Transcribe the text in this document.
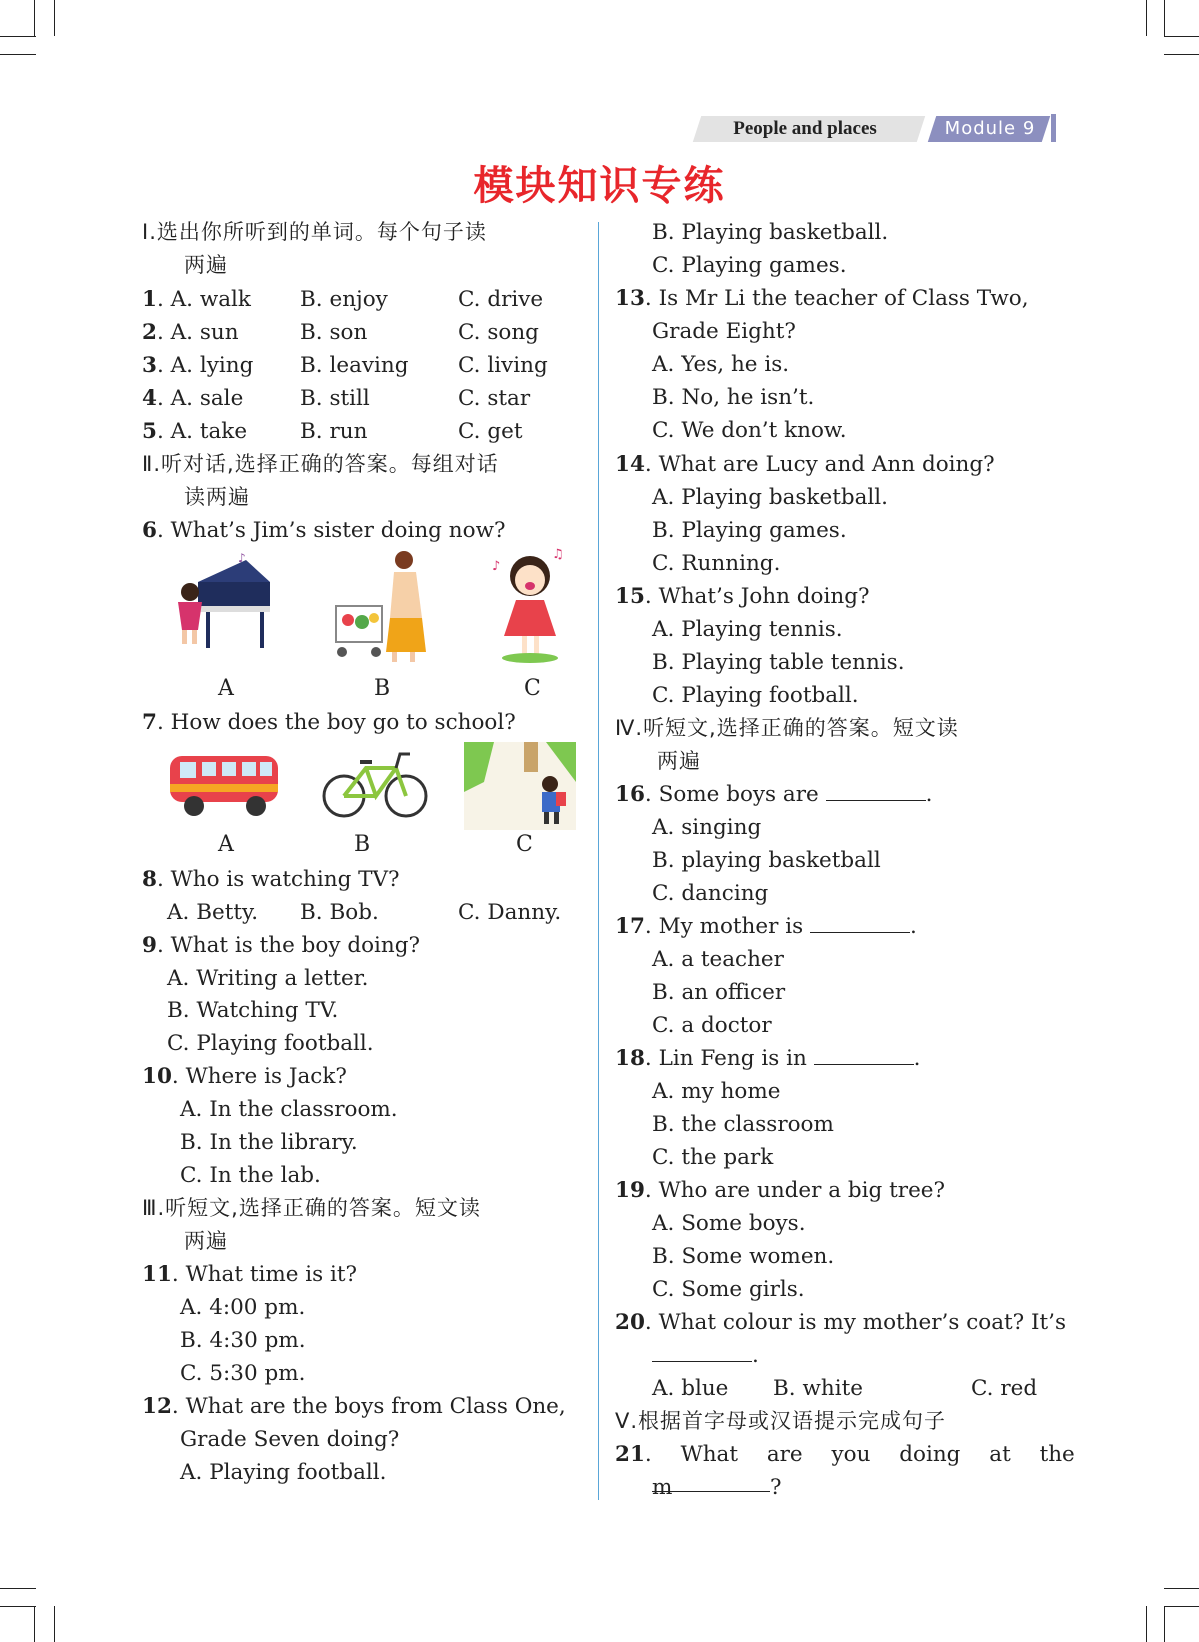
People and places	Module 9
模块知识专练
Ⅰ.选出你所听到的单词。每个句子读
两遍
1. A. walk B. enjoy	C. drive
2. A. sun	B. son	C. song
3. A. lying B. leaving C. living
4. A. sale	B. still	C. star
5. A. take B. run	C. get
Ⅱ.听对话,选择正确的答案。每组对话
读两遍
6. What’s Jim’s sister doing now?
♪
♪
♫
A	B	C
7. How does the boy go to school?
A	B	C
8. Who is watching TV?
A. Betty. B. Bob.	C. Danny.
9. What is the boy doing?
A. Writing a letter.
B. Watching TV.
C. Playing football.
10. Where is Jack?
A. In the classroom.
B. In the library.
C. In the lab.
Ⅲ.听短文,选择正确的答案。短文读
两遍
11. What time is it?
A. 4:00 pm.
B. 4:30 pm.
C. 5:30 pm.
12. What are the boys from Class One,
Grade Seven doing?
A. Playing football.
B. Playing basketball.
C. Playing games.
13. Is Mr Li the teacher of Class Two,
Grade Eight?
A. Yes, he is.
B. No, he isn’t.
C. We don’t know.
14. What are Lucy and Ann doing?
A. Playing basketball.
B. Playing games.
C. Running.
15. What’s John doing?
A. Playing tennis.
B. Playing table tennis.
C. Playing football.
Ⅳ.听短文,选择正确的答案。短文读
两遍
16. Some boys are	.
A. singing
B. playing basketball
C. dancing
17. My mother is	.
A. a teacher
B. an officer
C. a doctor
18. Lin Feng is in	.
A. my home
B. the classroom
C. the park
19. Who are under a big tree?
A. Some boys.
B. Some women.
C. Some girls.
20. What colour is my mother’s coat? It’s
.
A. blue B. white	C. red
Ⅴ.根据首字母或汉语提示完成句子
21. What are you doing at the
m	?
